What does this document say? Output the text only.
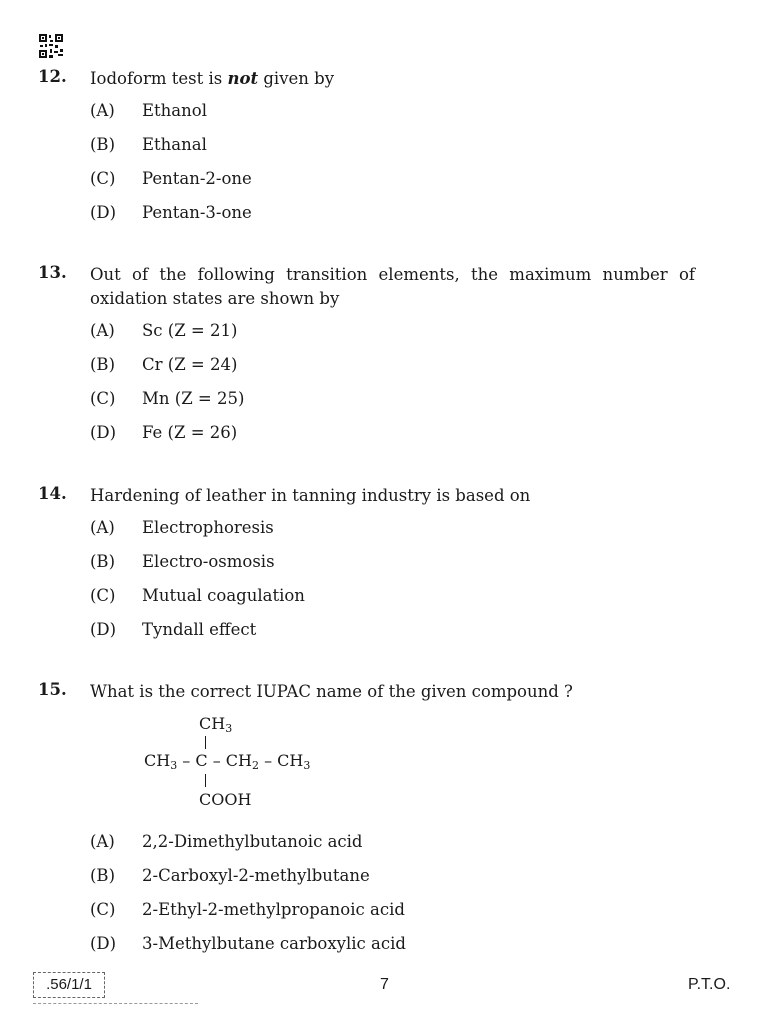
12. Iodoform test is not given by
(A) Ethanol
(B) Ethanal
(C) Pentan-2-one
(D) Pentan-3-one
13. Out of the following transition elements, the maximum number of oxidation states are shown by
(A) Sc (Z = 21)
(B) Cr (Z = 24)
(C) Mn (Z = 25)
(D) Fe (Z = 26)
14. Hardening of leather in tanning industry is based on
(A) Electrophoresis
(B) Electro-osmosis
(C) Mutual coagulation
(D) Tyndall effect
15. What is the correct IUPAC name of the given compound ?
$CH_3$
$CH_3$ – C – $CH_2 - CH_3$
COOH
(A) 2,2-Dimethylbutanoic acid
(B) 2-Carboxyl-2-methylbutane
(C) 2-Ethyl-2-methylpropanoic acid
(D) 3-Methylbutane carboxylic acid
.56/1/1	7	P.T.O.
